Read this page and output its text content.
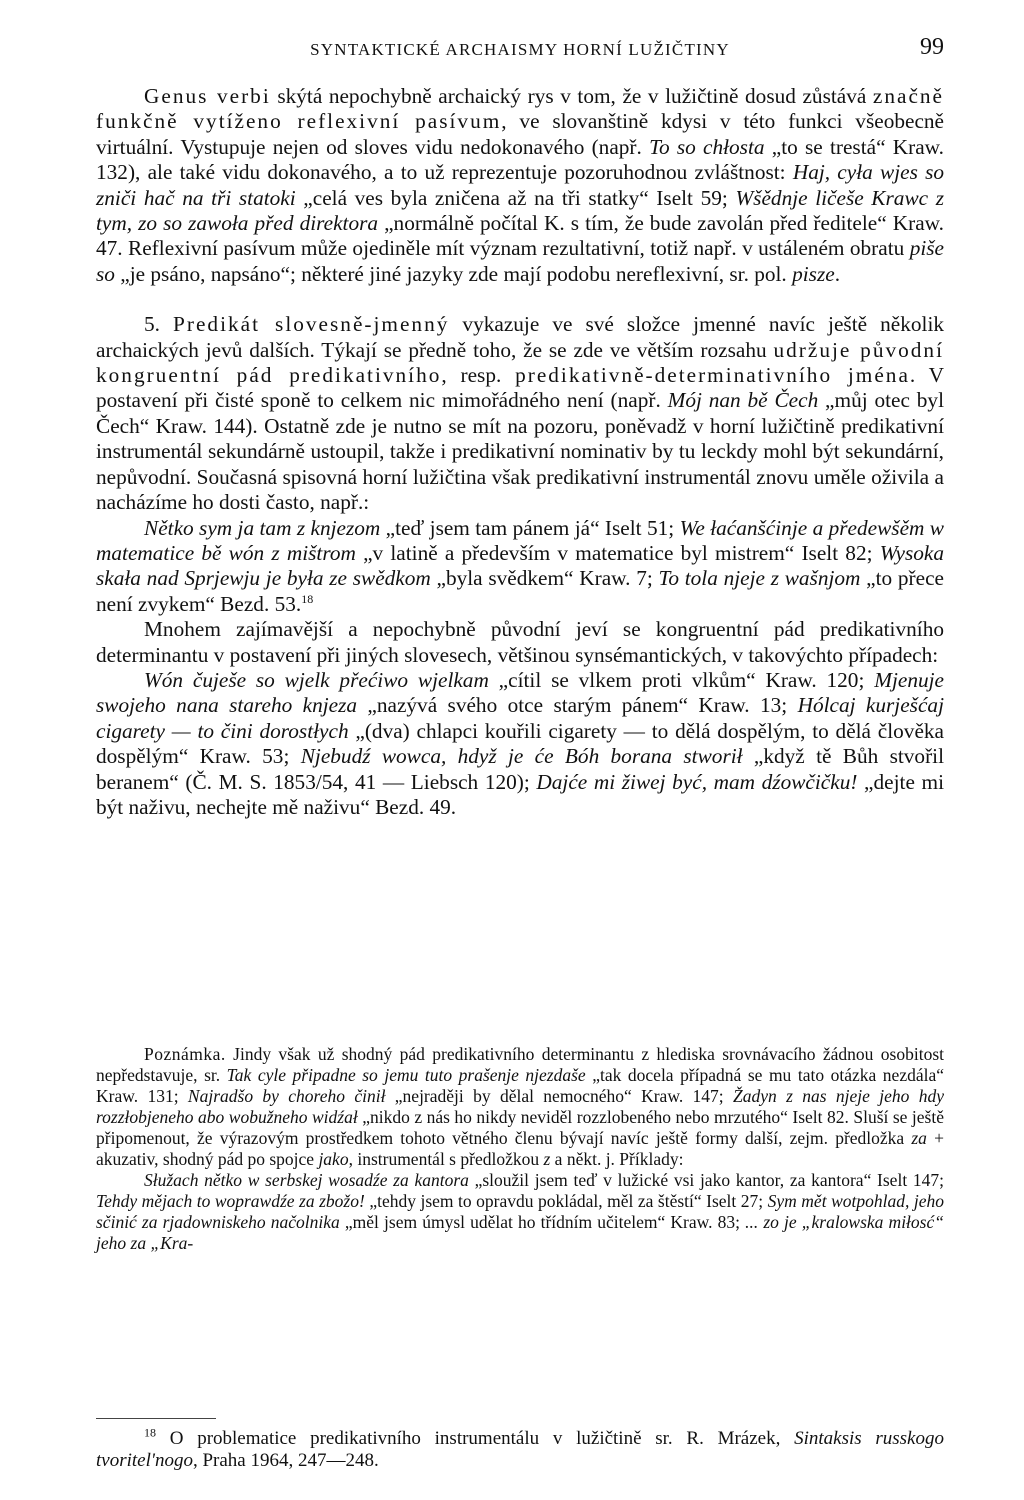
SYNTAKTICKÉ ARCHAISMY HORNÍ LUŽIČTINY	99

Genus verbi skýtá nepochybně archaický rys v tom, že v lužičtině dosud zůstává značně funkčně vytíženo reflexivní pasívum, ve slovanštině kdysi v této funkci všeobecně virtuální. Vystupuje nejen od sloves vidu nedokonavého (např. To so chłosta „to se trestá“ Kraw. 132), ale také vidu dokonavého, a to už reprezentuje pozoruhodnou zvláštnost: Haj, cyła wjes so zniči hač na tři statoki „celá ves byla zničena až na tři statky“ Iselt 59; Wšědnje ličeše Krawc z tym, zo so zawoła před direktora „normálně počítal K. s tím, že bude zavolán před ředitele“ Kraw. 47. Reflexivní pasívum může ojediněle mít význam rezultativní, totiž např. v ustáleném obratu piše so „je psáno, napsáno“; některé jiné jazyky zde mají podobu nereflexivní, sr. pol. pisze.

5. Predikát slovesně-jmenný vykazuje ve své složce jmenné navíc ještě několik archaických jevů dalších. Týkají se předně toho, že se zde ve větším rozsahu udržuje původní kongruentní pád predikativního, resp. predikativně-determinativního jména. V postavení při čisté sponě to celkem nic mimořádného není (např. Mój nan bě Čech „můj otec byl Čech“ Kraw. 144). Ostatně zde je nutno se mít na pozoru, poněvadž v horní lužičtině predikativní instrumentál sekundárně ustoupil, takže i predikativní nominativ by tu leckdy mohl být sekundární, nepůvodní. Současná spisovná horní lužičtina však predikativní instrumentál znovu uměle oživila a nacházíme ho dosti často, např.:

Nětko sym ja tam z knjezom „teď jsem tam pánem já“ Iselt 51; We łaćanšćinje a předewšěm w matematice bě wón z mištrom „v latině a především v matematice byl mistrem“ Iselt 82; Wysoka skała nad Sprjewju je była ze swědkom „byla svědkem“ Kraw. 7; To tola njeje z wašnjom „to přece není zvykem“ Bezd. 53.18

Mnohem zajímavější a nepochybně původní jeví se kongruentní pád predikativního determinantu v postavení při jiných slovesech, většinou synsémantických, v takovýchto případech:

Wón čuješe so wjelk přećiwo wjelkam „cítil se vlkem proti vlkům“ Kraw. 120; Mjenuje swojeho nana stareho knjeza „nazývá svého otce starým pánem“ Kraw. 13; Hólcaj kurješćaj cigarety — to čini dorostłych „(dva) chlapci kouřili cigarety — to dělá dospělým, to dělá člověka dospělým“ Kraw. 53; Njebudź wowca, hdyž je će Bóh borana stworił „když tě Bůh stvořil beranem“ (Č. M. S. 1853/54, 41 — Liebsch 120); Dajće mi žiwej być, mam dźowčičku! „dejte mi být naživu, nechejte mě naživu“ Bezd. 49.

Poznámka. Jindy však už shodný pád predikativního determinantu z hlediska srovnávacího žádnou osobitost nepředstavuje, sr. Tak cyle připadne so jemu tuto prašenje njezdaše „tak docela případná se mu tato otázka nezdála“ Kraw. 131; Najradšo by choreho činił „nejraději by dělal nemocného“ Kraw. 147; Žadyn z nas njeje jeho hdy rozzłobjeneho abo wobužneho widźał „nikdo z nás ho nikdy neviděl rozzlobeného nebo mrzutého“ Iselt 82. Sluší se ještě připomenout, že výrazovým prostředkem tohoto větného členu bývají navíc ještě formy další, zejm. předložka za + akuzativ, shodný pád po spojce jako, instrumentál s předložkou z a někt. j. Příklady:

Słužach nětko w serbskej wosadźe za kantora „sloužil jsem teď v lužické vsi jako kantor, za kantora“ Iselt 147; Tehdy mějach to woprawdźe za zbožo! „tehdy jsem to opravdu pokládal, měl za štěstí“ Iselt 27; Sym mět wotpohlad, jeho sčinić za rjadowniskeho načolnika „měl jsem úmysl udělat ho třídním učitelem“ Kraw. 83; ... zo je „kralowska miłosć“ jeho za „Kra-

$^{18}$ O problematice predikativního instrumentálu v lužičtině sr. R. Mrázek, Sintaksis russkogo tvoritel'nogo, Praha 1964, 247—248.
